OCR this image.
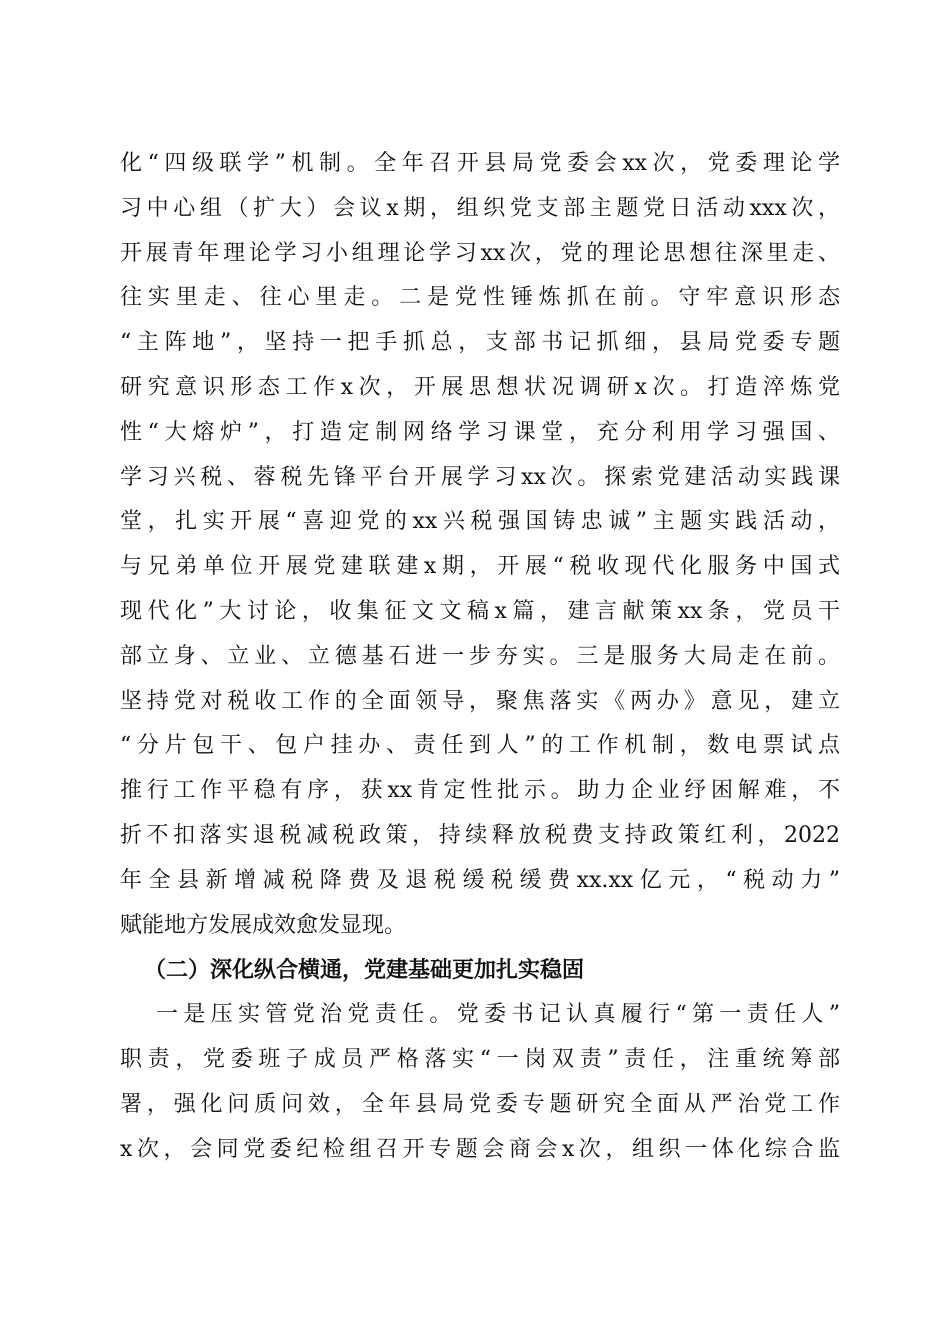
化“四级联学”机制。全年召开县局党委会xx次，党委理论学
习中心组（扩大）会议x期，组织党支部主题党日活动xxx次，
开展青年理论学习小组理论学习xx次，党的理论思想往深里走、
往实里走、往心里走。二是党性锤炼抓在前。守牢意识形态
“主阵地”，坚持一把手抓总，支部书记抓细，县局党委专题
研究意识形态工作x次，开展思想状况调研x次。打造淬炼党
性“大熔炉”，打造定制网络学习课堂，充分利用学习强国、
学习兴税、蓉税先锋平台开展学习xx次。探索党建活动实践课
堂，扎实开展“喜迎党的xx兴税强国铸忠诚”主题实践活动，
与兄弟单位开展党建联建x期，开展“税收现代化服务中国式
现代化”大讨论，收集征文文稿x篇，建言献策xx条，党员干
部立身、立业、立德基石进一步夯实。三是服务大局走在前。
坚持党对税收工作的全面领导，聚焦落实《两办》意见，建立
“分片包干、包户挂办、责任到人”的工作机制，数电票试点
推行工作平稳有序，获xx肯定性批示。助力企业纾困解难，不
折不扣落实退税减税政策，持续释放税费支持政策红利，2022
年全县新增减税降费及退税缓税缓费xx.xx亿元，“税动力”
赋能地方发展成效愈发显现。
（二）深化纵合横通，党建基础更加扎实稳固
一是压实管党治党责任。党委书记认真履行“第一责任人”
职责，党委班子成员严格落实“一岗双责”责任，注重统筹部
署，强化问质问效，全年县局党委专题研究全面从严治党工作
x次，会同党委纪检组召开专题会商会x次，组织一体化综合监
